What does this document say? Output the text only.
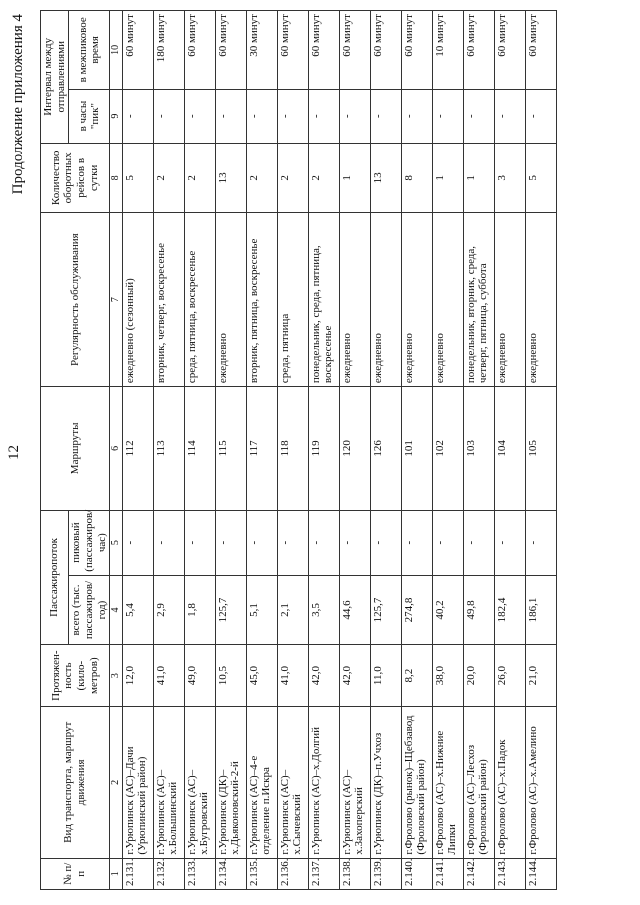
12
Продолжение приложения 4
№ п/п	Вид транспорта, маршрут движения	Протяжен- ность (кило- метров)	Пассажиропоток		Маршруты	Регулярность обслуживания	Количество оборотных рейсов в сутки	Интервал между отправлениями	
			всего (тыс. пассажиров/ год)	пиковый (пассажиров/ час)				в часы "пик"	в межпиковое время
1	2	3	4	5	6	7	8	9	10
2.131.	г.Урюпинск (АС)–Дачи (Урюпинский район)	12,0	5,4	-	112	ежедневно (сезонный)	5	-	60 минут
2.132.	г.Урюпинск (АС)–х.Большинский	41,0	2,9	-	113	вторник, четверг, воскресенье	2	-	180 минут
2.133.	г.Урюпинск (АС)–х.Бугровский	49,0	1,8	-	114	среда, пятница, воскресенье	2	-	60 минут
2.134.	г.Урюпинск (ДК)–х.Дьяконовский-2-й	10,5	125,7	-	115	ежедневно	13	-	60 минут
2.135.	г.Урюпинск (АС)–4-е отделение п.Искра	45,0	5,1	-	117	вторник, пятница, воскресенье	2	-	30 минут
2.136.	г.Урюпинск (АС)–х.Сычевский	41,0	2,1	-	118	среда, пятница	2	-	60 минут
2.137.	г.Урюпинск (АС)–х.Долгий	42,0	3,5	-	119	понедельник, среда, пятница, воскресенье	2	-	60 минут
2.138.	г.Урюпинск (АС)–х.Захоперский	42,0	44,6	-	120	ежедневно	1	-	60 минут
2.139.	г.Урюпинск (ДК)–п.Учхоз	11,0	125,7	-	126	ежедневно	13	-	60 минут
2.140.	г.Фролово (рынок)–Щебзавод (Фроловский район)	8,2	274,8	-	101	ежедневно	8	-	60 минут
2.141.	г.Фролово (АС)–х.Нижние Липки	38,0	40,2	-	102	ежедневно	1	-	10 минут
2.142.	г.Фролово (АС)–Лесхоз (Фроловский район)	20,0	49,8	-	103	понедельник, вторник, среда, четверг, пятница, суббота	1	-	60 минут
2.143.	г.Фролово (АС)–х.Падок	26,0	182,4	-	104	ежедневно	3	-	60 минут
2.144.	г.Фролово (АС)–х.Амелино	21,0	186,1	-	105	ежедневно	5	-	60 минут
